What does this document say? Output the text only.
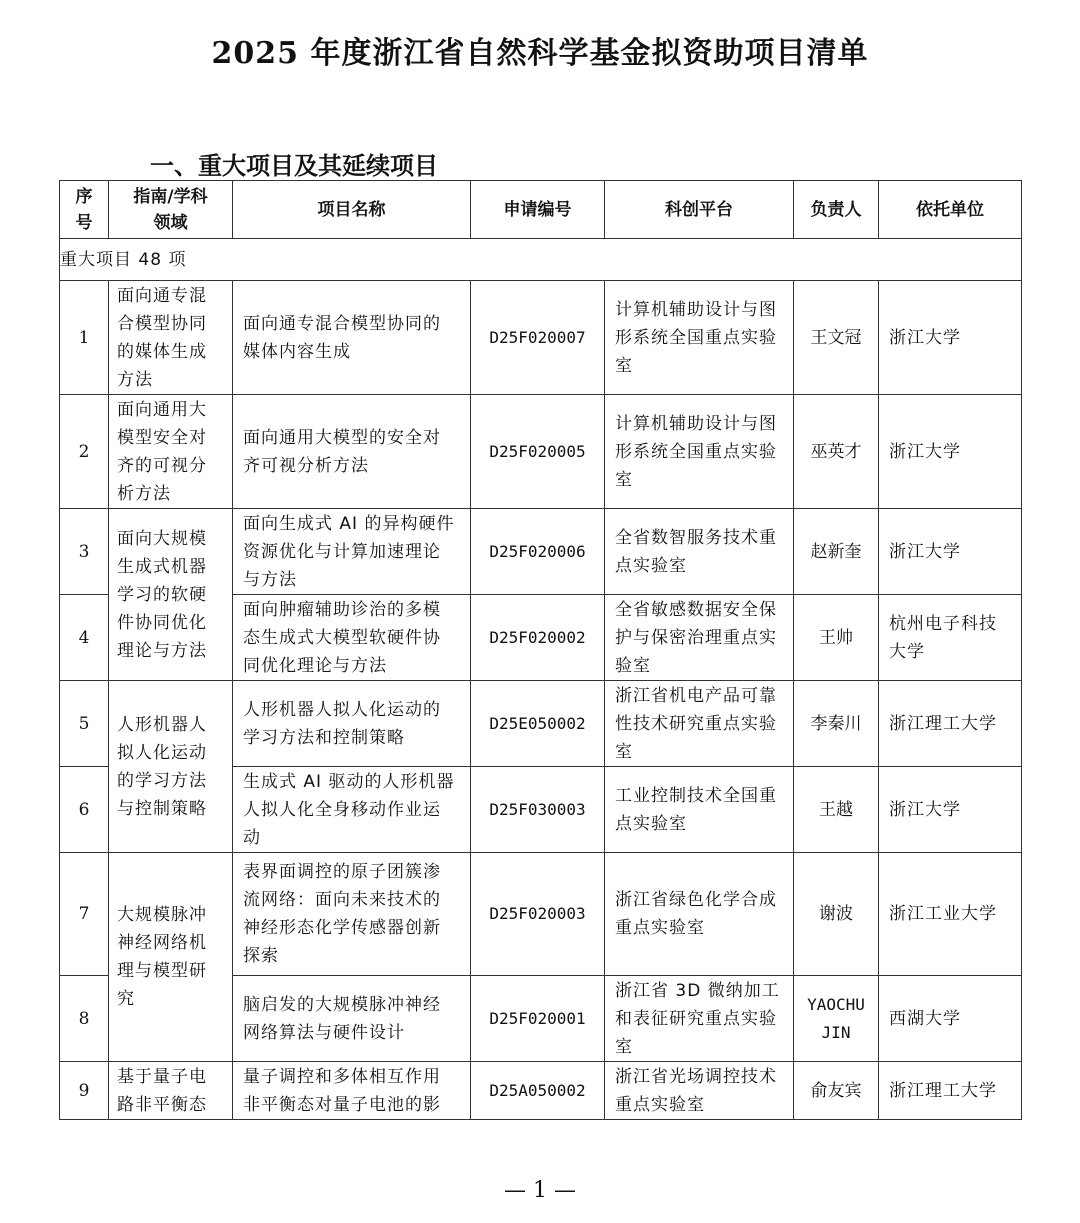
2025 年度浙江省自然科学基金拟资助项目清单
一、重大项目及其延续项目
序
号	指南/学科
领域	项目名称	申请编号	科创平台	负责人	依托单位
重大项目 48 项						
1	面向通专混
合模型协同
的媒体生成
方法	面向通专混合模型协同的
媒体内容生成	D25F020007	计算机辅助设计与图
形系统全国重点实验
室	王文冠	浙江大学
2	面向通用大
模型安全对
齐的可视分
析方法	面向通用大模型的安全对
齐可视分析方法	D25F020005	计算机辅助设计与图
形系统全国重点实验
室	巫英才	浙江大学
3	面向大规模
生成式机器
学习的软硬
件协同优化
理论与方法	面向生成式 AI 的异构硬件
资源优化与计算加速理论
与方法	D25F020006	全省数智服务技术重
点实验室	赵新奎	浙江大学
4		面向肿瘤辅助诊治的多模
态生成式大模型软硬件协
同优化理论与方法	D25F020002	全省敏感数据安全保
护与保密治理重点实
验室	王帅	杭州电子科技
大学
5	人形机器人
拟人化运动
的学习方法
与控制策略	人形机器人拟人化运动的
学习方法和控制策略	D25E050002	浙江省机电产品可靠
性技术研究重点实验
室	李秦川	浙江理工大学
6		生成式 AI 驱动的人形机器
人拟人化全身移动作业运
动	D25F030003	工业控制技术全国重
点实验室	王越	浙江大学
7	大规模脉冲
神经网络机
理与模型研
究	表界面调控的原子团簇渗
流网络：面向未来技术的
神经形态化学传感器创新
探索	D25F020003	浙江省绿色化学合成
重点实验室	谢波	浙江工业大学
8		脑启发的大规模脉冲神经
网络算法与硬件设计	D25F020001	浙江省 3D 微纳加工
和表征研究重点实验
室	YAOCHU
JIN	西湖大学
9	基于量子电
路非平衡态	量子调控和多体相互作用
非平衡态对量子电池的影	D25A050002	浙江省光场调控技术
重点实验室	俞友宾	浙江理工大学
— 1 —
